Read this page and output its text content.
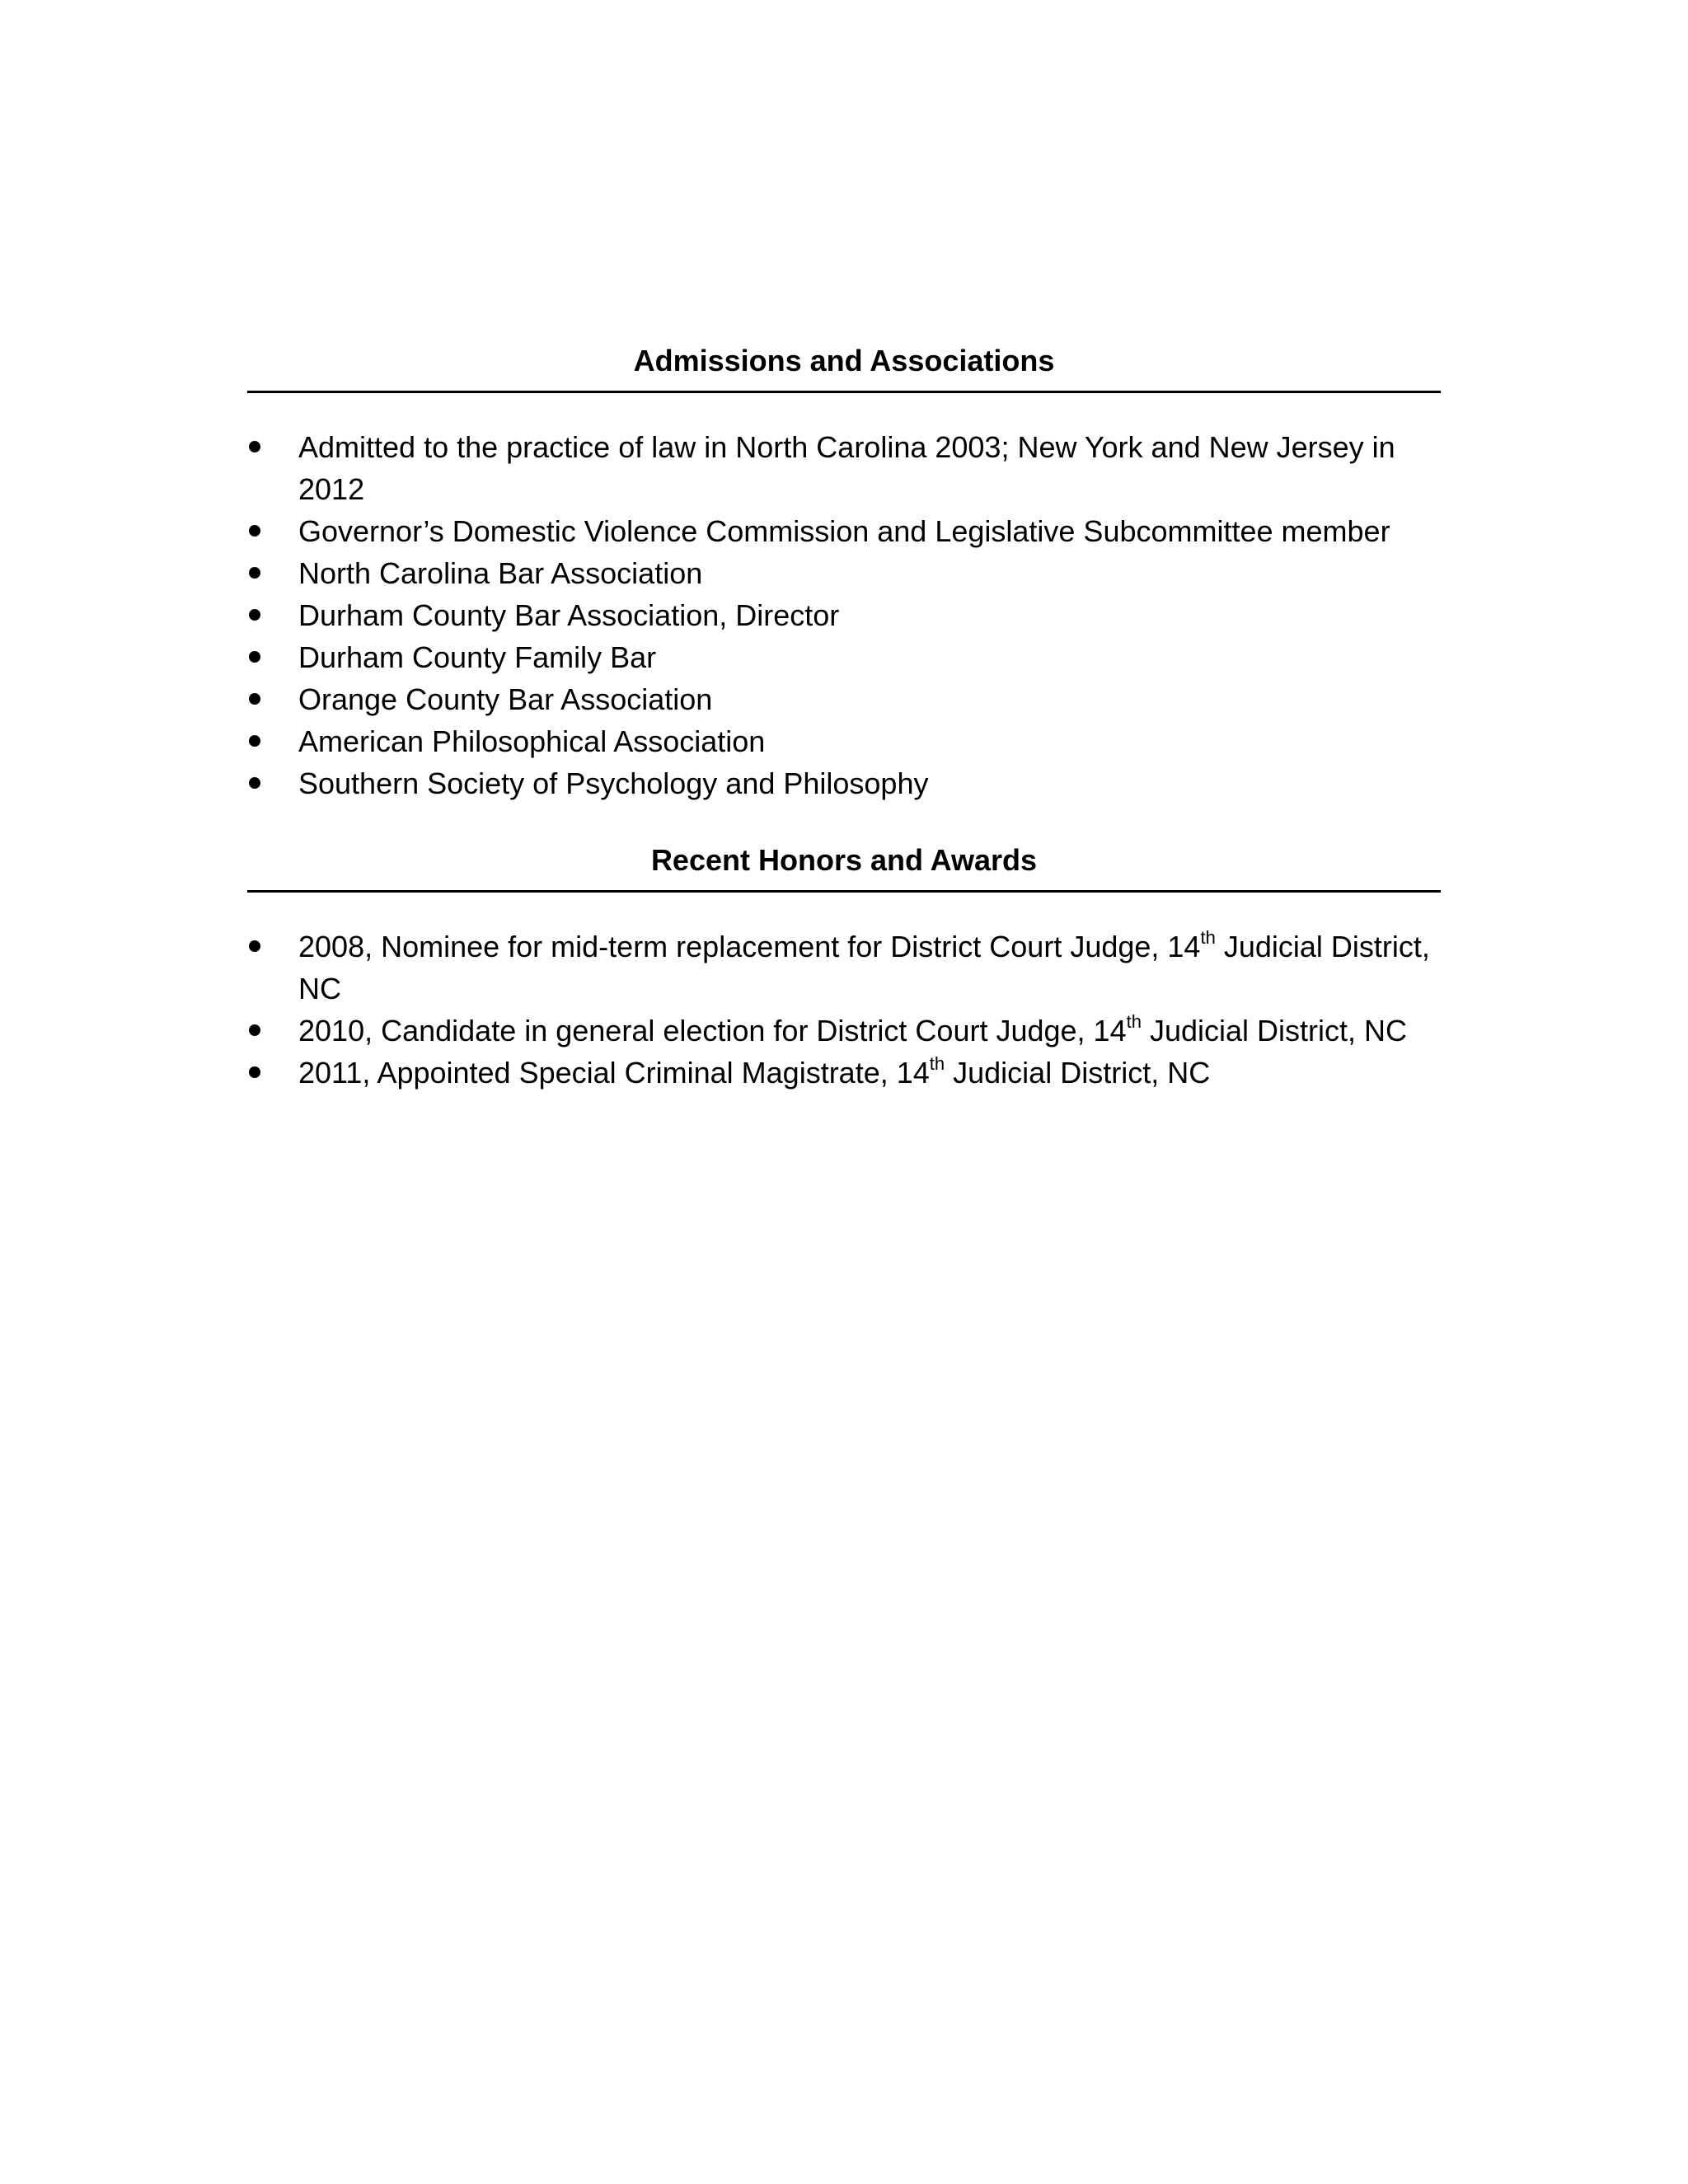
Admissions and Associations
Admitted to the practice of law in North Carolina 2003; New York and New Jersey in 2012
Governor’s Domestic Violence Commission and Legislative Subcommittee member
North Carolina Bar Association
Durham County Bar Association, Director
Durham County Family Bar
Orange County Bar Association
American Philosophical Association
Southern Society of Psychology and Philosophy
Recent Honors and Awards
2008, Nominee for mid-term replacement for District Court Judge, 14th Judicial District, NC
2010, Candidate in general election for District Court Judge, 14th Judicial District, NC
2011, Appointed Special Criminal Magistrate, 14th Judicial District, NC
